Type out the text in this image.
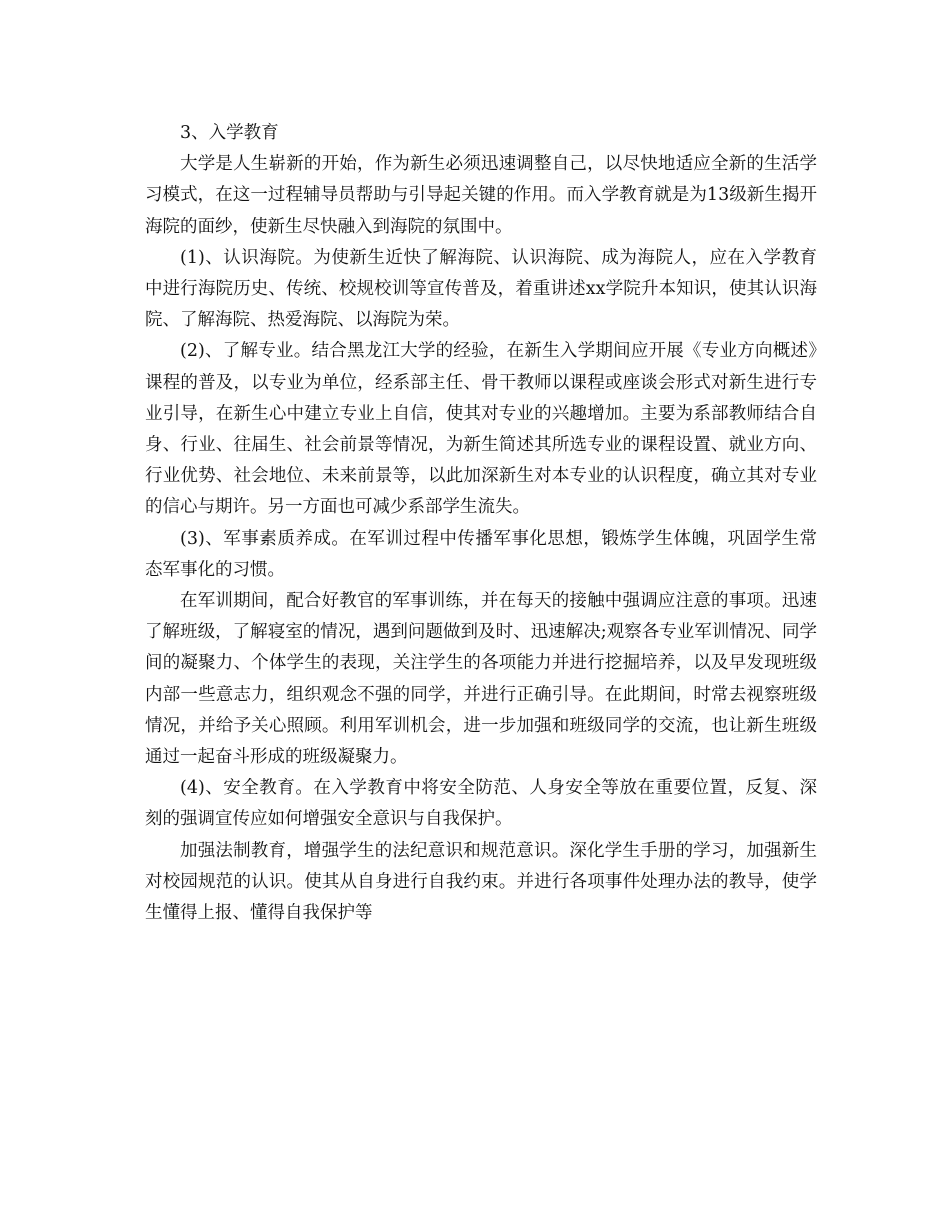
3、入学教育

大学是人生崭新的开始，作为新生必须迅速调整自己，以尽快地适应全新的生活学习模式，在这一过程辅导员帮助与引导起关键的作用。而入学教育就是为13级新生揭开海院的面纱，使新生尽快融入到海院的氛围中。

(1)、认识海院。为使新生近快了解海院、认识海院、成为海院人，应在入学教育中进行海院历史、传统、校规校训等宣传普及，着重讲述xx学院升本知识，使其认识海院、了解海院、热爱海院、以海院为荣。

(2)、了解专业。结合黑龙江大学的经验，在新生入学期间应开展《专业方向概述》课程的普及，以专业为单位，经系部主任、骨干教师以课程或座谈会形式对新生进行专业引导，在新生心中建立专业上自信，使其对专业的兴趣增加。主要为系部教师结合自身、行业、往届生、社会前景等情况，为新生简述其所选专业的课程设置、就业方向、行业优势、社会地位、未来前景等，以此加深新生对本专业的认识程度，确立其对专业的信心与期许。另一方面也可减少系部学生流失。

(3)、军事素质养成。在军训过程中传播军事化思想，锻炼学生体魄，巩固学生常态军事化的习惯。

在军训期间，配合好教官的军事训练，并在每天的接触中强调应注意的事项。迅速了解班级，了解寝室的情况，遇到问题做到及时、迅速解决;观察各专业军训情况、同学间的凝聚力、个体学生的表现，关注学生的各项能力并进行挖掘培养，以及早发现班级内部一些意志力，组织观念不强的同学，并进行正确引导。在此期间，时常去视察班级情况，并给予关心照顾。利用军训机会，进一步加强和班级同学的交流，也让新生班级通过一起奋斗形成的班级凝聚力。

(4)、安全教育。在入学教育中将安全防范、人身安全等放在重要位置，反复、深刻的强调宣传应如何增强安全意识与自我保护。

加强法制教育，增强学生的法纪意识和规范意识。深化学生手册的学习，加强新生对校园规范的认识。使其从自身进行自我约束。并进行各项事件处理办法的教导，使学生懂得上报、懂得自我保护等
